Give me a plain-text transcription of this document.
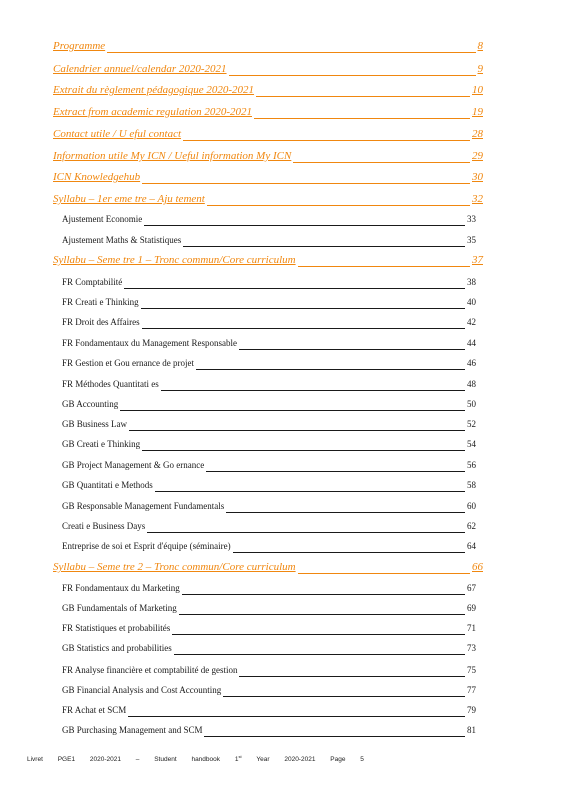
Programme	8
Calendrier annuel/calendar 2020-2021	9
Extrait du règlement pédagogique 2020-2021	10
Extract from academic regulation 2020-2021	19
Contact utile / U eful contact	28
Information utile My ICN / Ueful information My ICN	29
ICN Knowledgehub	30
Syllabu – 1er eme tre – Aju tement	32
Ajustement Economie	33
Ajustement Maths & Statistiques	35
Syllabu – Seme tre 1 – Tronc commun/Core curriculum	37
FR Comptabilité	38
FR Creati e Thinking	40
FR Droit des Affaires	42
FR Fondamentaux du Management Responsable	44
FR Gestion et Gou ernance de projet	46
FR Méthodes Quantitati es	48
GB Accounting	50
GB Business Law	52
GB Creati e Thinking	54
GB Project Management & Go ernance	56
GB Quantitati e Methods	58
GB Responsable Management Fundamentals	60
Creati e Business Days	62
Entreprise de soi et Esprit d'équipe (séminaire)	64
Syllabu – Seme tre 2 – Tronc commun/Core curriculum	66
FR Fondamentaux du Marketing	67
GB Fundamentals of Marketing	69
FR Statistiques et probabilités	71
GB Statistics and probabilities	73
FR Analyse financière et comptabilité de gestion	75
GB Financial Analysis and Cost Accounting	77
FR Achat et SCM	79
GB Purchasing Management and SCM	81
Livret PGE1 2020-2021 – Student handbook 1st Year 2020-2021 Page 5
